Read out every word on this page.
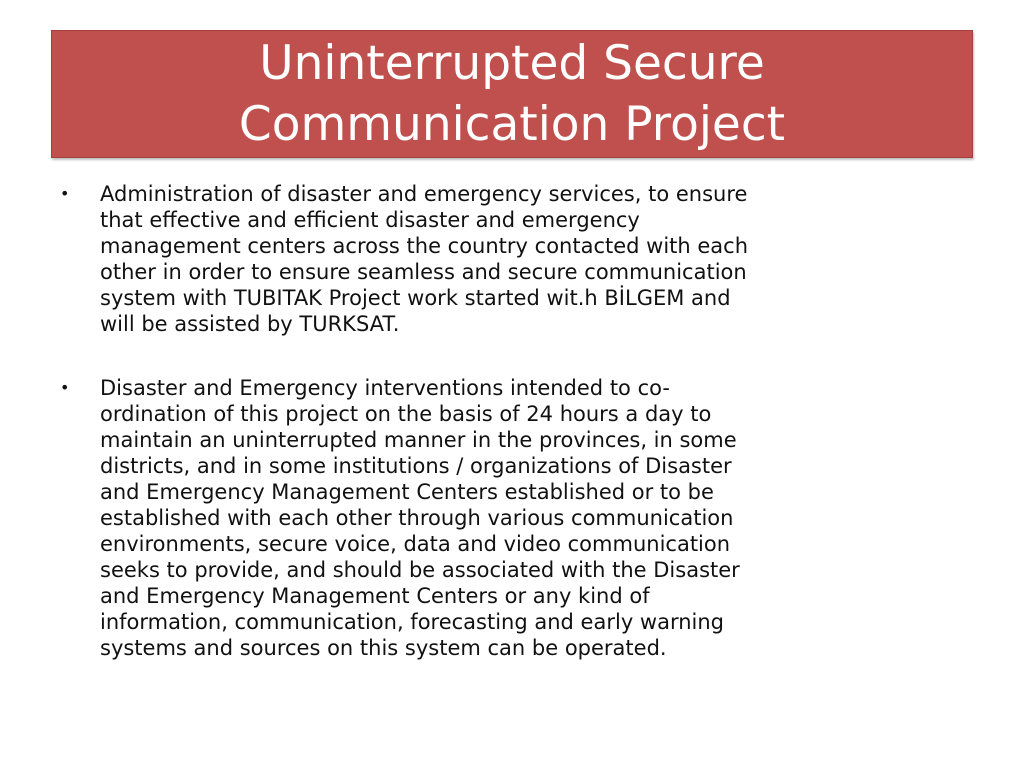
Uninterrupted Secure
Communication Project
• Administration of disaster and emergency services, to ensure
that effective and efficient disaster and emergency
management centers across the country contacted with each
other in order to ensure seamless and secure communication
system with TUBITAK Project work started wit.h BİLGEM and
will be assisted by TURKSAT.
• Disaster and Emergency interventions intended to co-
ordination of this project on the basis of 24 hours a day to
maintain an uninterrupted manner in the provinces, in some
districts, and in some institutions / organizations of Disaster
and Emergency Management Centers established or to be
established with each other through various communication
environments, secure voice, data and video communication
seeks to provide, and should be associated with the Disaster
and Emergency Management Centers or any kind of
information, communication, forecasting and early warning
systems and sources on this system can be operated.
